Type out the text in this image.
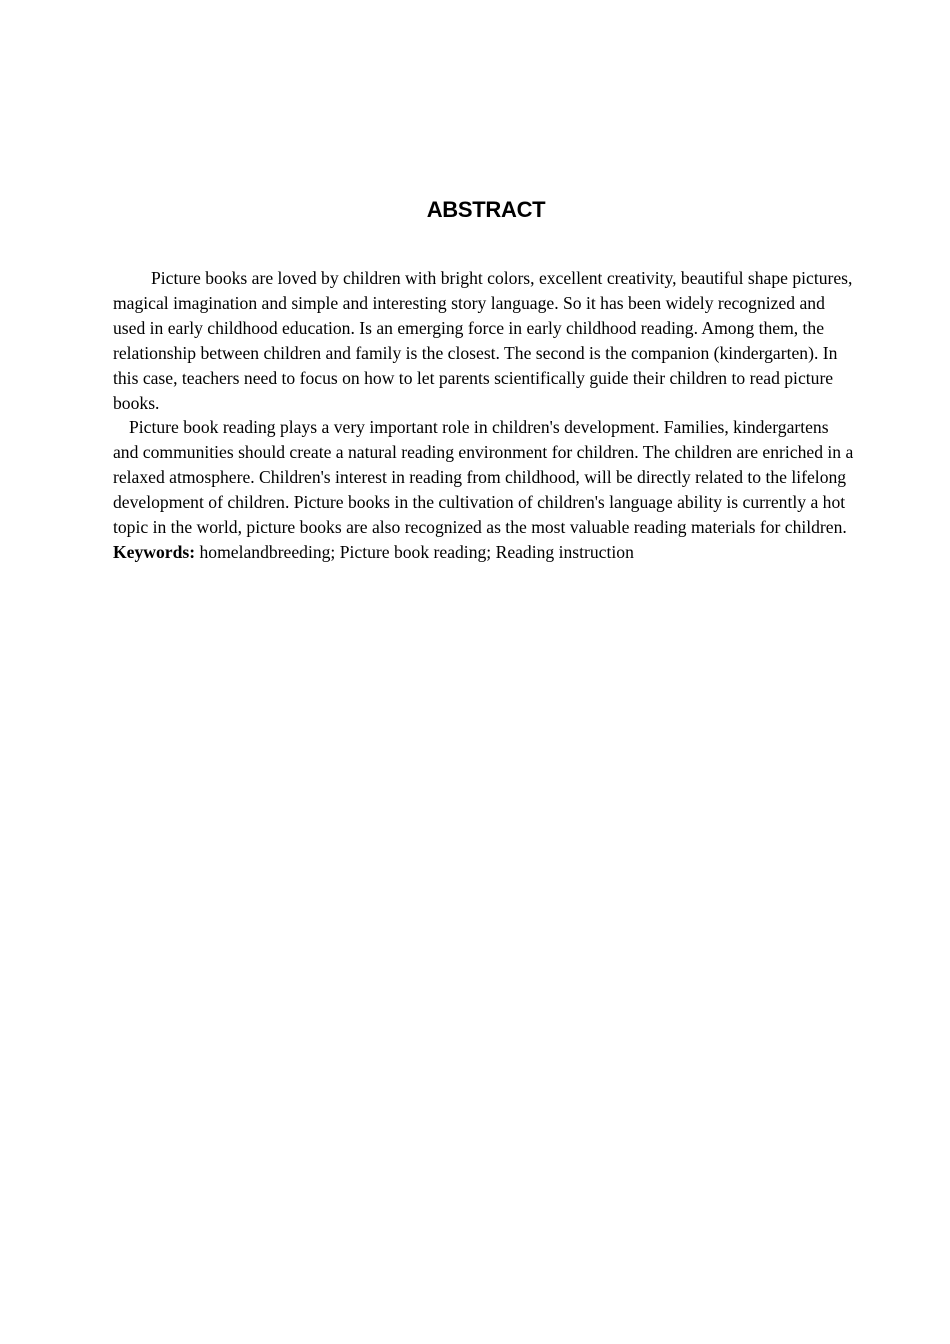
ABSTRACT

Picture books are loved by children with bright colors, excellent creativity, beautiful shape pictures, magical imagination and simple and interesting story language. So it has been widely recognized and used in early childhood education. Is an emerging force in early childhood reading. Among them, the relationship between children and family is the closest. The second is the companion (kindergarten). In this case, teachers need to focus on how to let parents scientifically guide their children to read picture books.

Picture book reading plays a very important role in children's development. Families, kindergartens and communities should create a natural reading environment for children. The children are enriched in a relaxed atmosphere. Children's interest in reading from childhood, will be directly related to the lifelong development of children. Picture books in the cultivation of children's language ability is currently a hot topic in the world, picture books are also recognized as the most valuable reading materials for children.

Keywords: homelandbreeding; Picture book reading; Reading instruction
